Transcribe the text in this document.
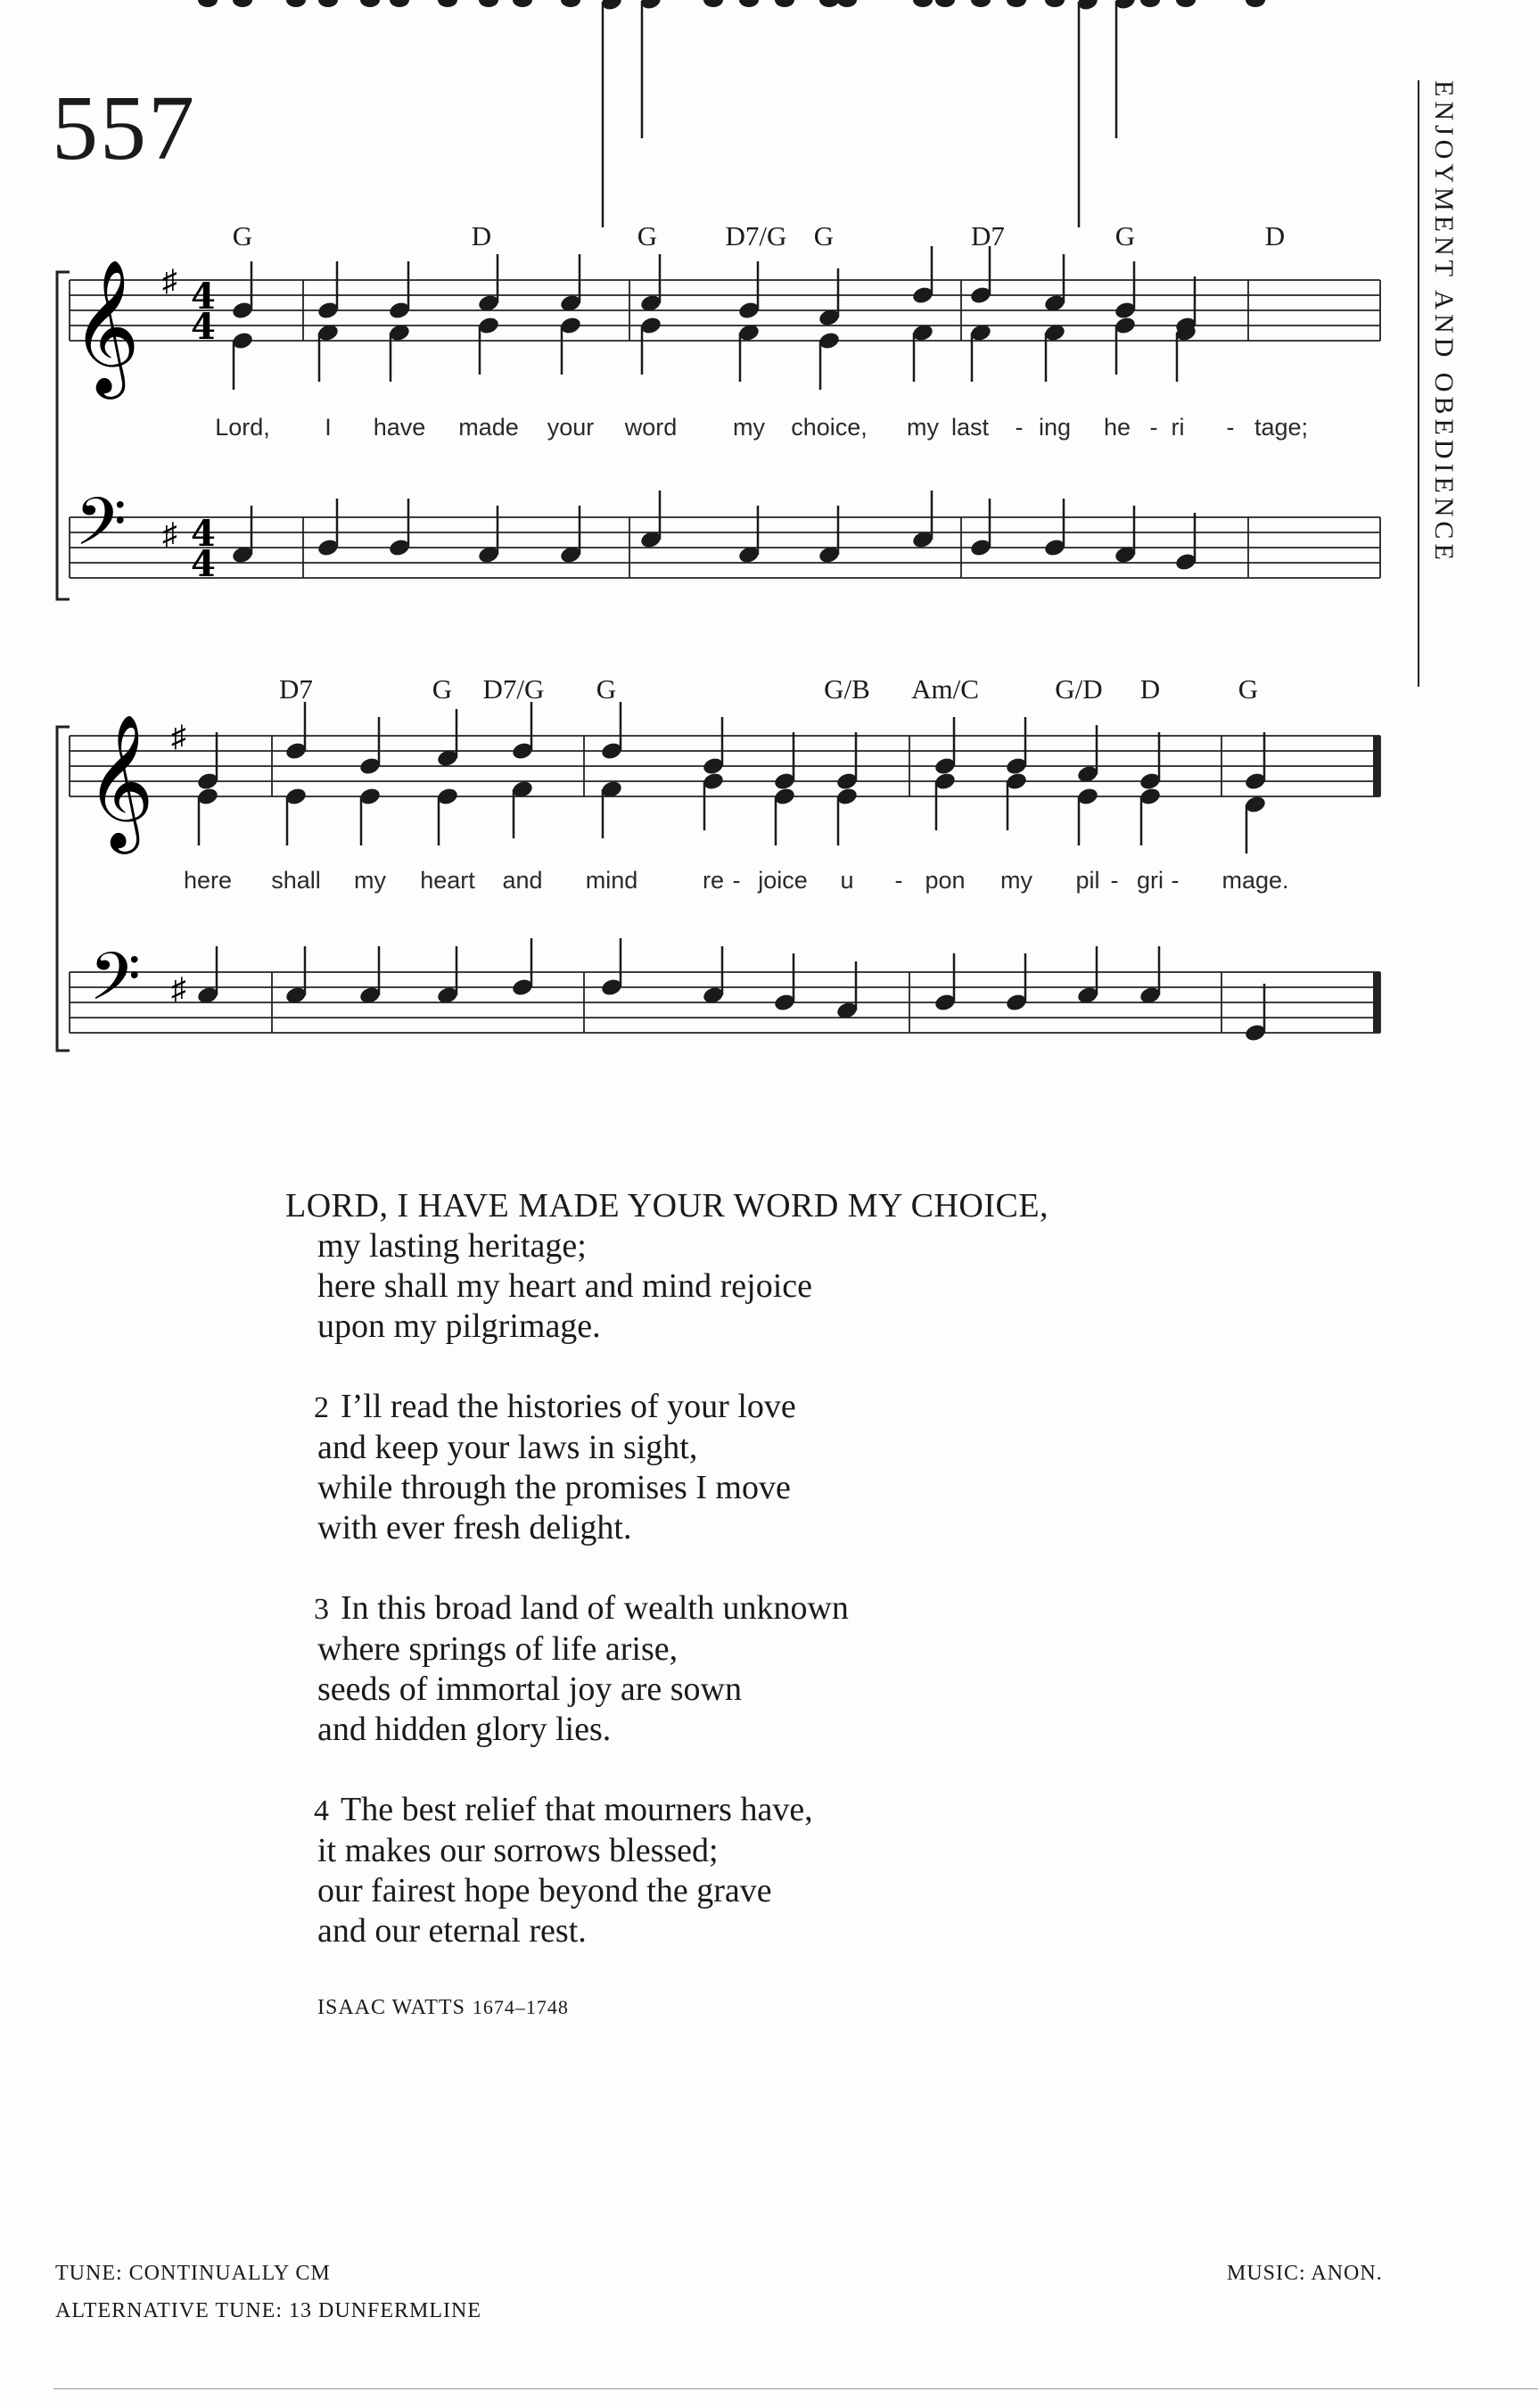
557	ENJOYMENT AND OBEDIENCE
♯ 4
4
♯ 4
4
𝄞
𝄢
G	D	G D7/G G	D7	G	D
Lord, I have made your word my choice, my last - ing he - ri - tage;
♯
♯
𝄞
𝄢
D7	G D7/G G	G/B Am/C	G/D D	G
here shall my heart and mind	re - joice u - pon my pil - gri - mage.
LORD, I HAVE MADE YOUR WORD MY CHOICE,
my lasting heritage;
here shall my heart and mind rejoice
upon my pilgrimage.
2 I’ll read the histories of your love
and keep your laws in sight,
while through the promises I move
with ever fresh delight.
3 In this broad land of wealth unknown
where springs of life arise,
seeds of immortal joy are sown
and hidden glory lies.
4 The best relief that mourners have,
it makes our sorrows blessed;
our fairest hope beyond the grave
and our eternal rest.
ISAAC WATTS 1674–1748
TUNE: CONTINUALLY CM
ALTERNATIVE TUNE: 13 DUNFERMLINE
MUSIC: ANON.
